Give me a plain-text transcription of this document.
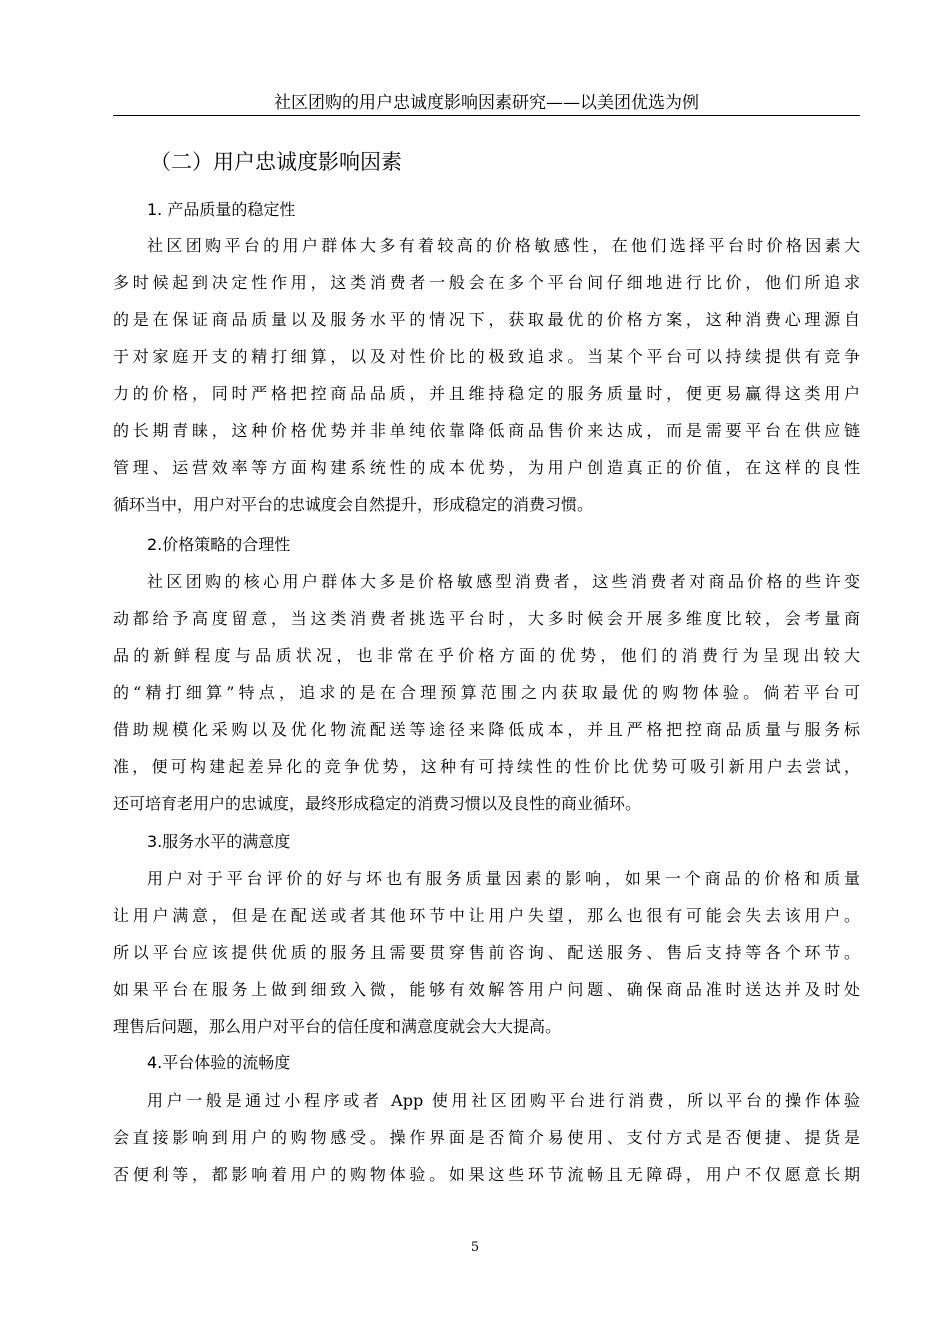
社区团购的用户忠诚度影响因素研究——以美团优选为例
（二）用户忠诚度影响因素
1. 产品质量的稳定性
社区团购平台的用户群体大多有着较高的价格敏感性，在他们选择平台时价格因素大
多时候起到决定性作用，这类消费者一般会在多个平台间仔细地进行比价，他们所追求
的是在保证商品质量以及服务水平的情况下，获取最优的价格方案，这种消费心理源自
于对家庭开支的精打细算，以及对性价比的极致追求。当某个平台可以持续提供有竞争
力的价格，同时严格把控商品品质，并且维持稳定的服务质量时，便更易赢得这类用户
的长期青睐，这种价格优势并非单纯依靠降低商品售价来达成，而是需要平台在供应链
管理、运营效率等方面构建系统性的成本优势，为用户创造真正的价值，在这样的良性
循环当中，用户对平台的忠诚度会自然提升，形成稳定的消费习惯。
2.价格策略的合理性
社区团购的核心用户群体大多是价格敏感型消费者，这些消费者对商品价格的些许变
动都给予高度留意，当这类消费者挑选平台时，大多时候会开展多维度比较，会考量商
品的新鲜程度与品质状况，也非常在乎价格方面的优势，他们的消费行为呈现出较大
的“精打细算”特点，追求的是在合理预算范围之内获取最优的购物体验。倘若平台可
借助规模化采购以及优化物流配送等途径来降低成本，并且严格把控商品质量与服务标
准，便可构建起差异化的竞争优势，这种有可持续性的性价比优势可吸引新用户去尝试，
还可培育老用户的忠诚度，最终形成稳定的消费习惯以及良性的商业循环。
3.服务水平的满意度
用户对于平台评价的好与坏也有服务质量因素的影响，如果一个商品的价格和质量
让用户满意，但是在配送或者其他环节中让用户失望，那么也很有可能会失去该用户。
所以平台应该提供优质的服务且需要贯穿售前咨询、配送服务、售后支持等各个环节。
如果平台在服务上做到细致入微，能够有效解答用户问题、确保商品准时送达并及时处
理售后问题，那么用户对平台的信任度和满意度就会大大提高。
4.平台体验的流畅度
用户一般是通过小程序或者 App 使用社区团购平台进行消费，所以平台的操作体验
会直接影响到用户的购物感受。操作界面是否简介易使用、支付方式是否便捷、提货是
否便利等，都影响着用户的购物体验。如果这些环节流畅且无障碍，用户不仅愿意长期
5
